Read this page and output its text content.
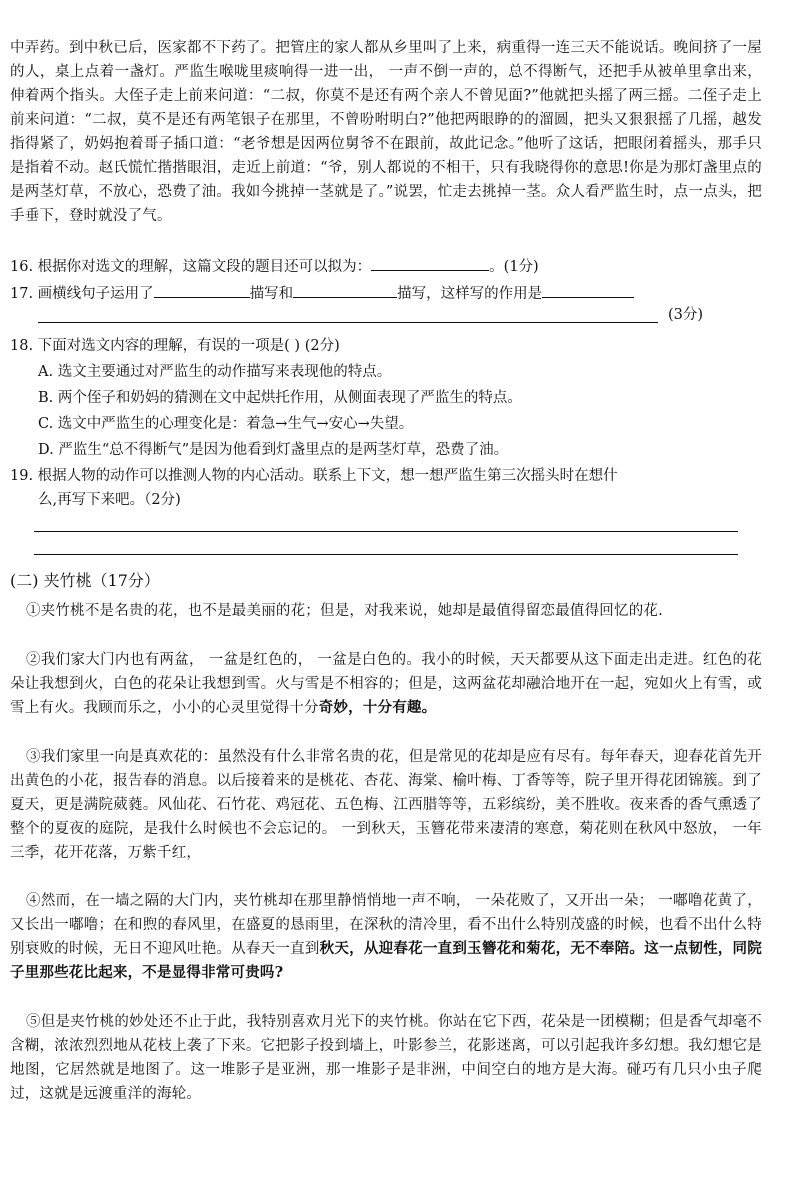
中弄药。到中秋已后，医家都不下药了。把管庄的家人都从乡里叫了上来，病重得一连三天不能说话。晚间挤了一屋的人，桌上点着一盏灯。严监生喉咙里痰响得一进一出， 一声不倒一声的，总不得断气，还把手从被单里拿出来，伸着两个指头。大侄子走上前来问道：“二叔，你莫不是还有两个亲人不曾见面?”他就把头摇了两三摇。二侄子走上前来问道：“二叔，莫不是还有两笔银子在那里，不曾吩咐明白?”他把两眼睁的的溜圆，把头又狠狠摇了几摇，越发指得紧了，奶妈抱着哥子插口道：“老爷想是因两位舅爷不在跟前，故此记念。”他听了这话，把眼闭着摇头，那手只是指着不动。赵氏慌忙揩揩眼泪，走近上前道：“爷，别人都说的不相干，只有我晓得你的意思!你是为那灯盏里点的是两茎灯草，不放心，恐费了油。我如今挑掉一茎就是了。”说罢，忙走去挑掉一茎。众人看严监生时，点一点头，把手垂下，登时就没了气。
16. 根据你对选文的理解，这篇文段的题目还可以拟为：	。(1分)
17. 画横线句子运用了	描写和	描写，这样写的作用是
(3分)
18. 下面对选文内容的理解，有误的一项是( ) (2分)
A. 选文主要通过对严监生的动作描写来表现他的特点。
B. 两个侄子和奶妈的猜测在文中起烘托作用，从侧面表现了严监生的特点。
C. 选文中严监生的心理变化是：着急→生气→安心→失望。
D. 严监生“总不得断气”是因为他看到灯盏里点的是两茎灯草，恐费了油。
19. 根据人物的动作可以推测人物的内心活动。联系上下文，想一想严监生第三次摇头时在想什
么,再写下来吧。（2分)
(二) 夹竹桃（17分）
①夹竹桃不是名贵的花，也不是最美丽的花；但是，对我来说，她却是最值得留恋最值得回忆的花.
②我们家大门内也有两盆， 一盆是红色的， 一盆是白色的。我小的时候，天天都要从这下面走出走进。红色的花朵让我想到火，白色的花朵让我想到雪。火与雪是不相容的；但是，这两盆花却融洽地开在一起，宛如火上有雪，或雪上有火。我顾而乐之，小小的心灵里觉得十分奇妙，十分有趣。
③我们家里一向是真欢花的：虽然没有什么非常名贵的花，但是常见的花却是应有尽有。每年春天，迎春花首先开出黄色的小花，报告春的消息。以后接着来的是桃花、杏花、海棠、榆叶梅、丁香等等，院子里开得花团锦簇。到了夏天，更是满院葳蕤。风仙花、石竹花、鸡冠花、五色梅、江西腊等等，五彩缤纷，美不胜收。夜来香的香气熏透了整个的夏夜的庭院，是我什么时候也不会忘记的。 一到秋天，玉簪花带来凄清的寒意，菊花则在秋风中怒放， 一年三季，花开花落，万紫千红，
④然而，在一墙之隔的大门内，夹竹桃却在那里静悄悄地一声不响， 一朵花败了，又开出一朵； 一嘟噜花黄了，又长出一嘟噜；在和煦的春风里，在盛夏的恳雨里，在深秋的清冷里，看不出什么特别茂盛的时候，也看不出什么特别衰败的时候，无日不迎风吐艳。从春天一直到秋天，从迎春花一直到玉簪花和菊花，无不奉陪。这一点韧性，同院子里那些花比起来，不是显得非常可贵吗?
⑤但是夹竹桃的妙处还不止于此，我特别喜欢月光下的夹竹桃。你站在它下西，花朵是一团模糊；但是香气却毫不含糊，浓浓烈烈地从花枝上袭了下来。它把影子投到墙上，叶影参兰，花影迷离，可以引起我许多幻想。我幻想它是地图，它居然就是地图了。这一堆影子是亚洲，那一堆影子是非洲，中间空白的地方是大海。碰巧有几只小虫子爬过，这就是远渡重洋的海轮。
